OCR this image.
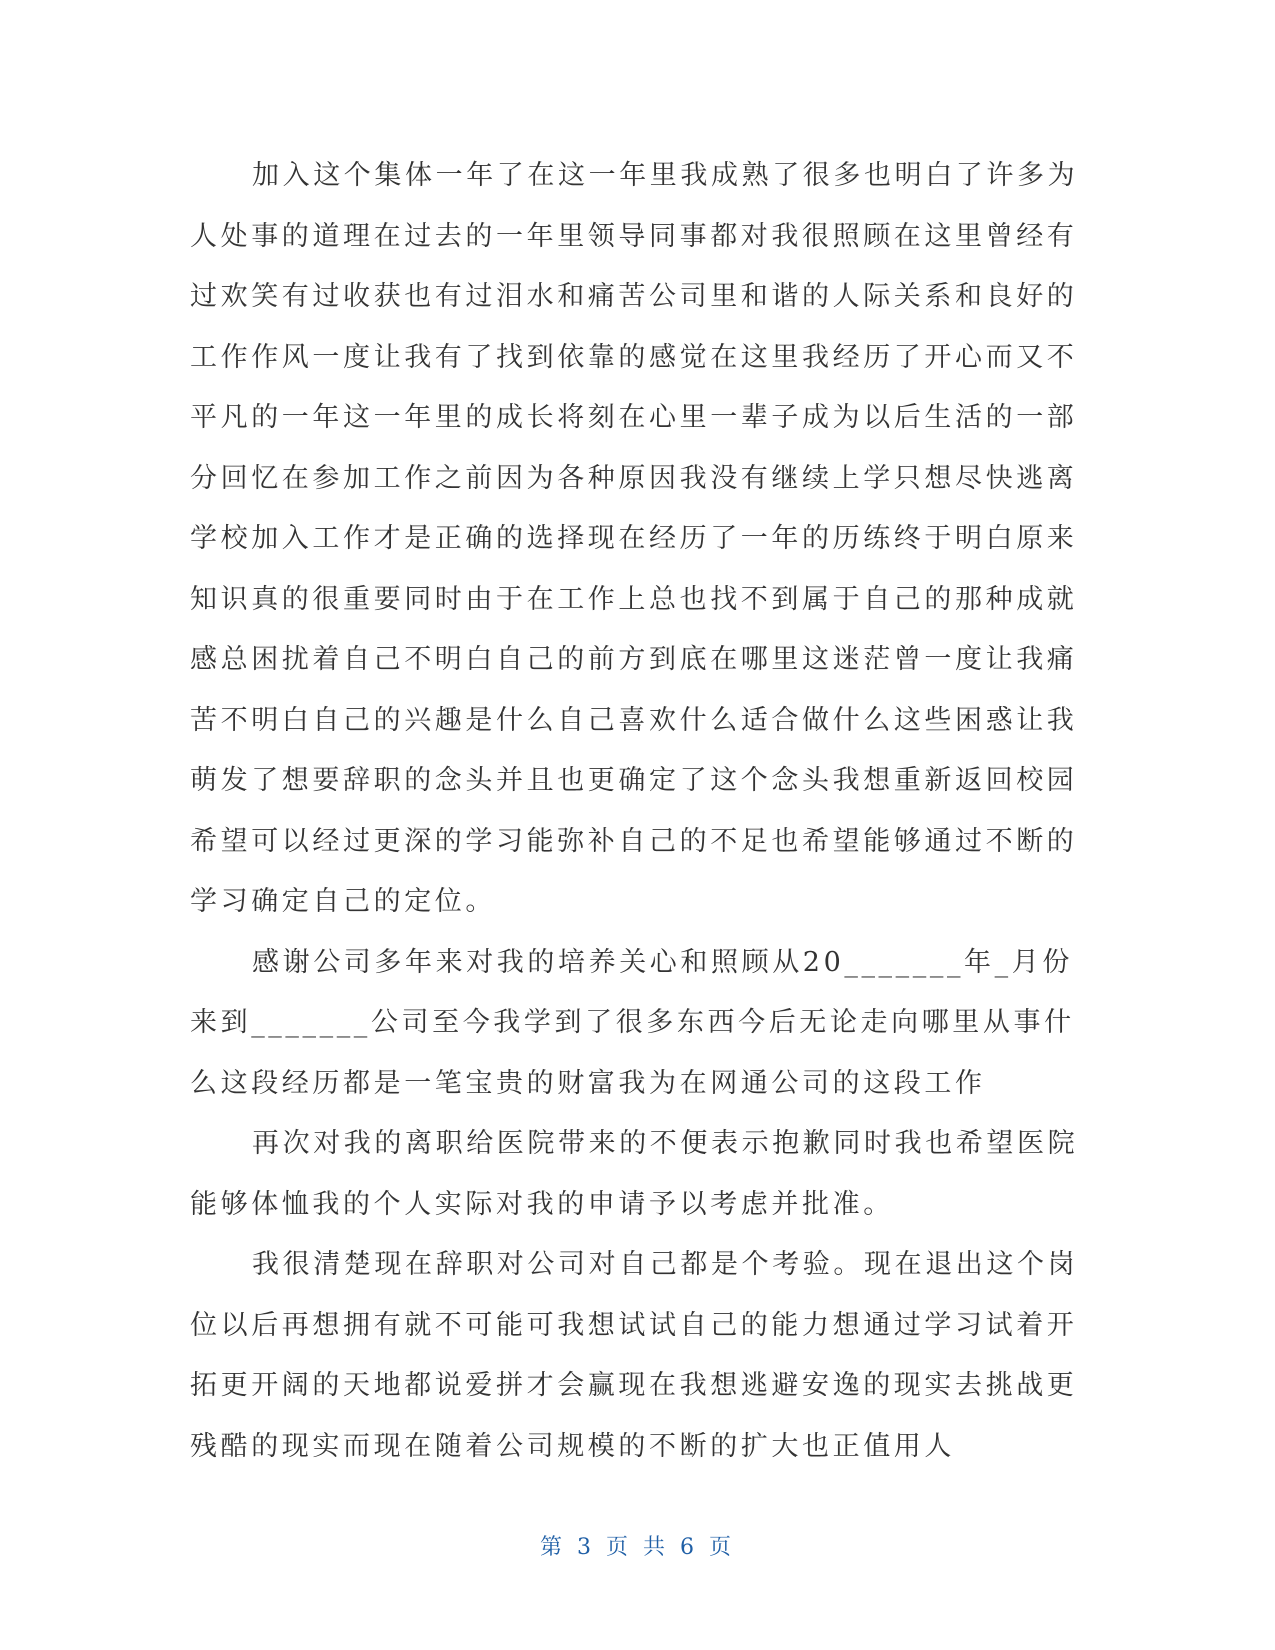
加入这个集体一年了在这一年里我成熟了很多也明白了许多为人处事的道理在过去的一年里领导同事都对我很照顾在这里曾经有过欢笑有过收获也有过泪水和痛苦公司里和谐的人际关系和良好的工作作风一度让我有了找到依靠的感觉在这里我经历了开心而又不平凡的一年这一年里的成长将刻在心里一辈子成为以后生活的一部分回忆在参加工作之前因为各种原因我没有继续上学只想尽快逃离学校加入工作才是正确的选择现在经历了一年的历练终于明白原来知识真的很重要同时由于在工作上总也找不到属于自己的那种成就感总困扰着自己不明白自己的前方到底在哪里这迷茫曾一度让我痛苦不明白自己的兴趣是什么自己喜欢什么适合做什么这些困惑让我萌发了想要辞职的念头并且也更确定了这个念头我想重新返回校园希望可以经过更深的学习能弥补自己的不足也希望能够通过不断的学习确定自己的定位。

感谢公司多年来对我的培养关心和照顾从20_______年_月份来到_______公司至今我学到了很多东西今后无论走向哪里从事什么这段经历都是一笔宝贵的财富我为在网通公司的这段工作

再次对我的离职给医院带来的不便表示抱歉同时我也希望医院能够体恤我的个人实际对我的申请予以考虑并批准。

我很清楚现在辞职对公司对自己都是个考验。现在退出这个岗位以后再想拥有就不可能可我想试试自己的能力想通过学习试着开拓更开阔的天地都说爱拼才会赢现在我想逃避安逸的现实去挑战更残酷的现实而现在随着公司规模的不断的扩大也正值用人

第 3 页 共 6 页
